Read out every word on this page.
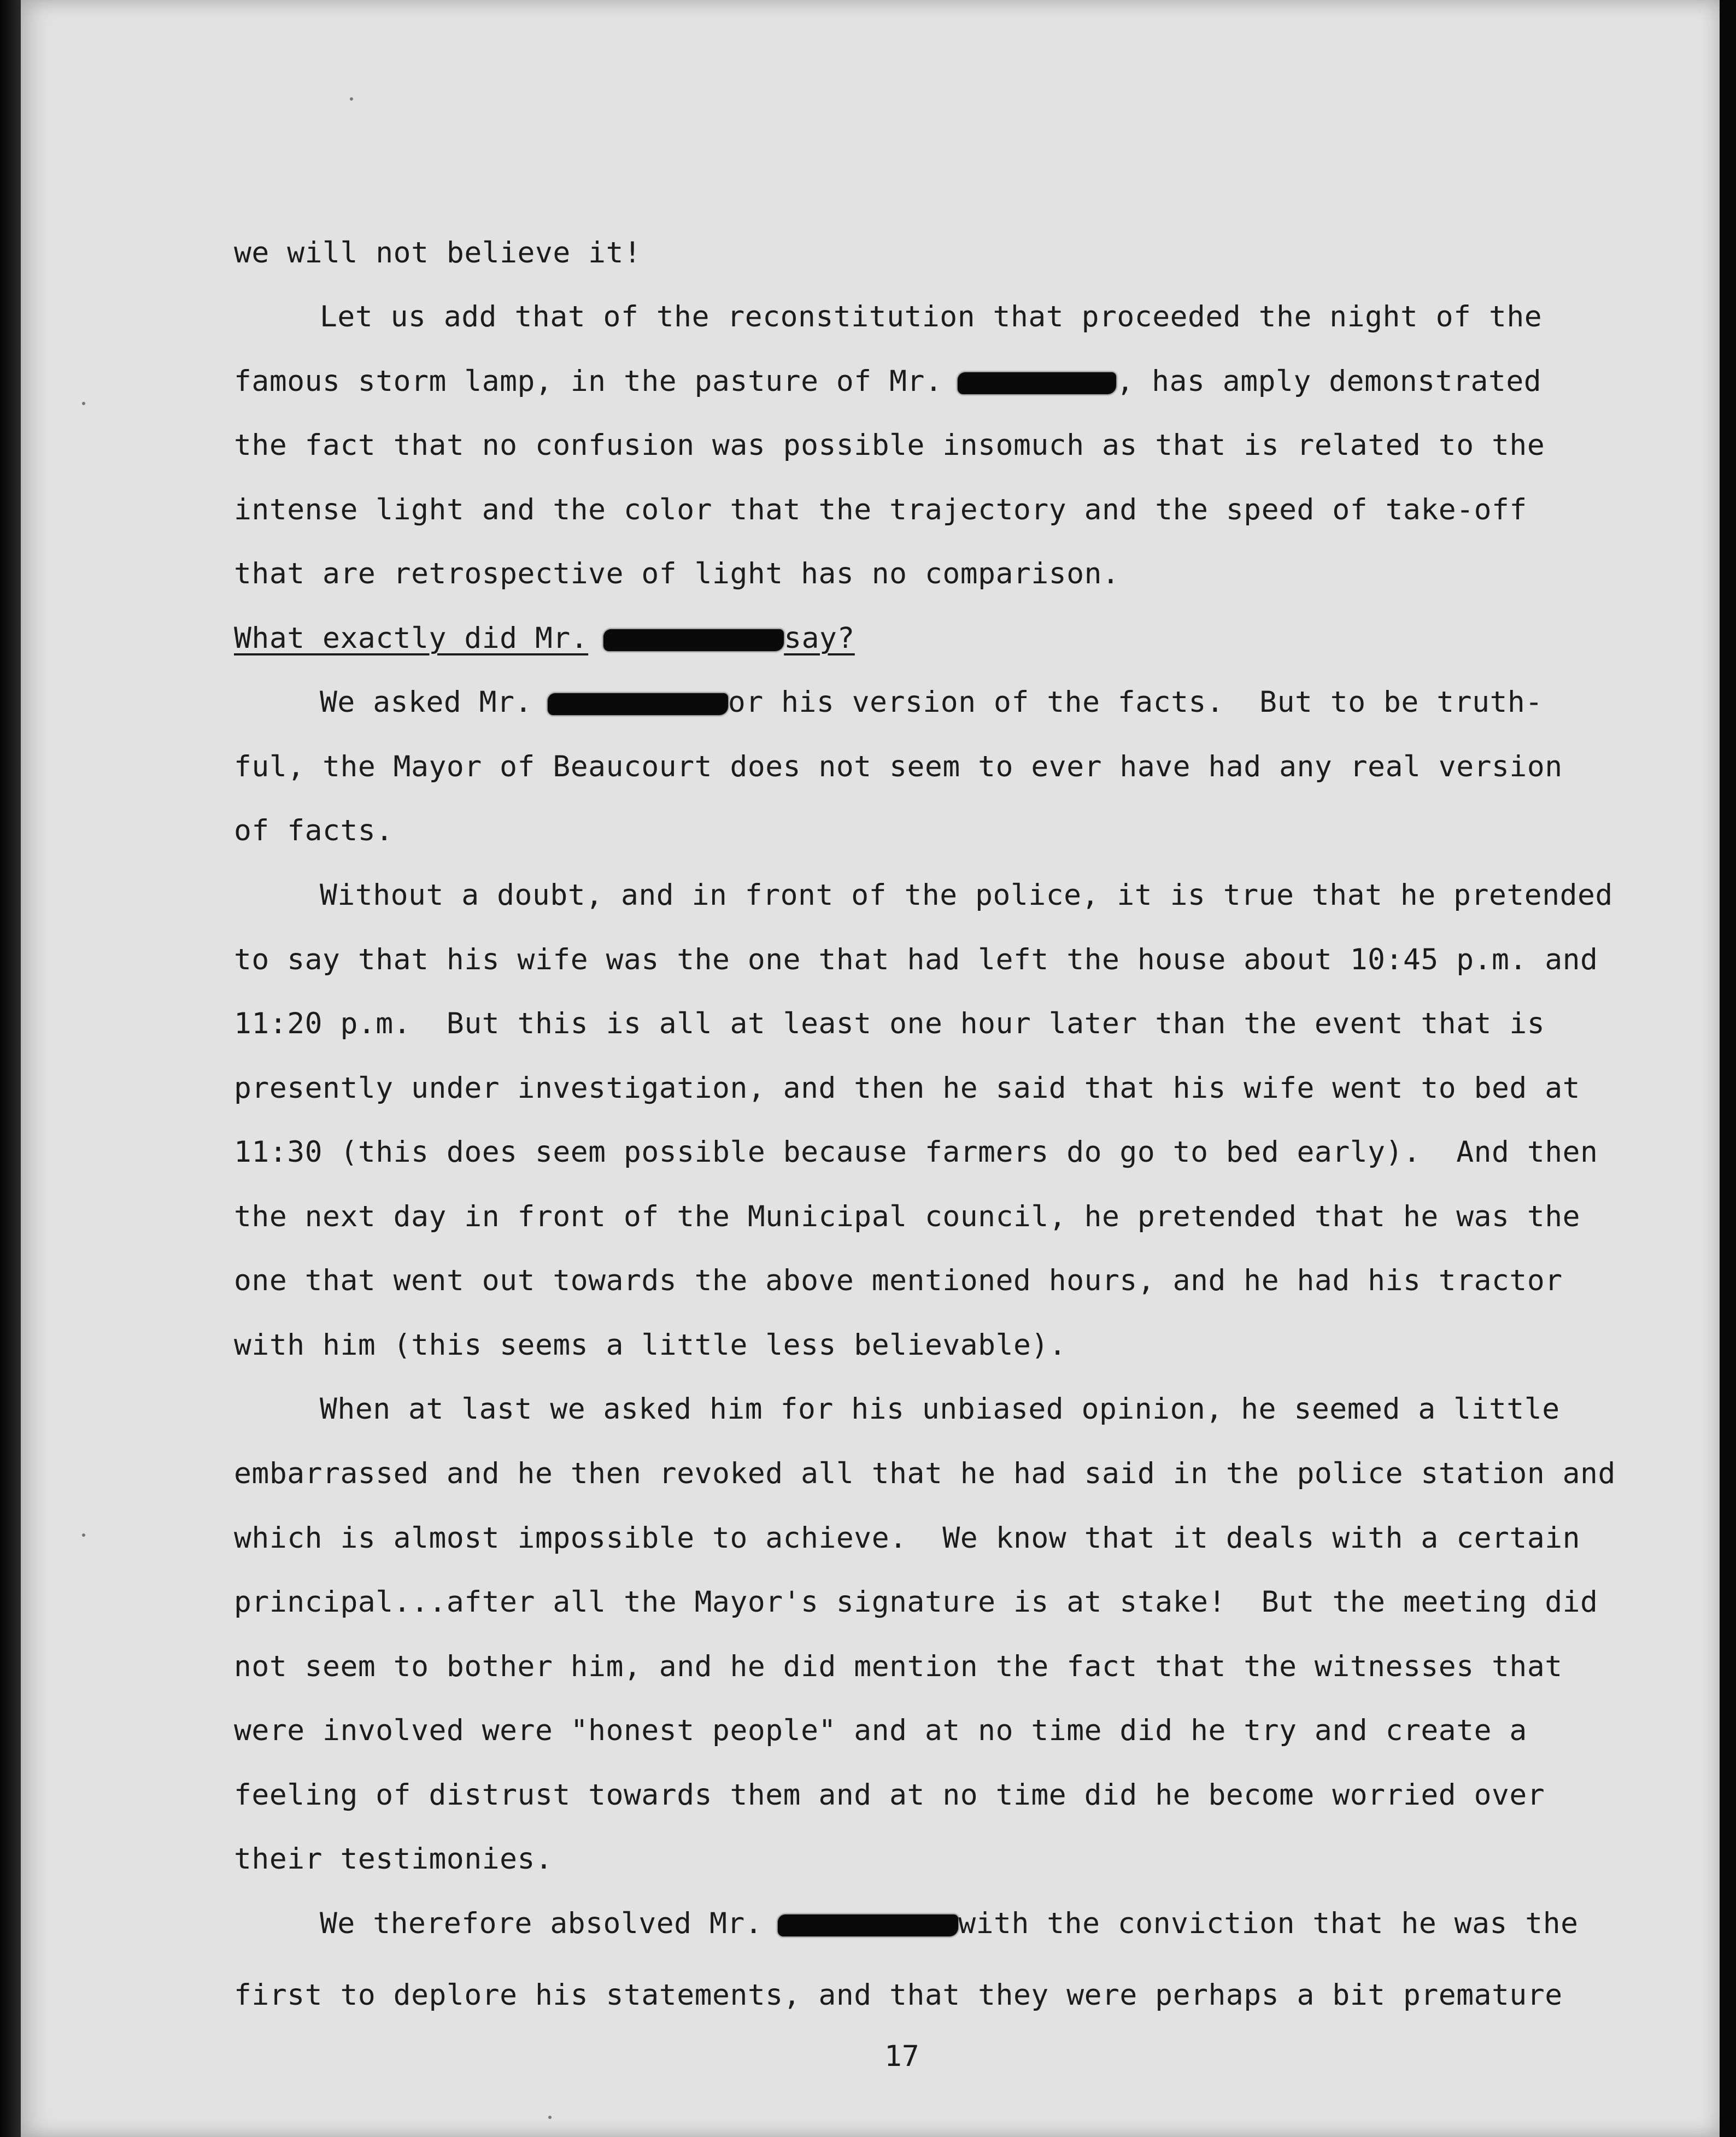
we will not believe it!
Let us add that of the reconstitution that proceeded the night of the
famous storm lamp, in the pasture of Mr.	, has amply demonstrated
the fact that no confusion was possible insomuch as that is related to the
intense light and the color that the trajectory and the speed of take-off
that are retrospective of light has no comparison.
What exactly did Mr.	say?
We asked Mr.	or his version of the facts.  But to be truth-
ful, the Mayor of Beaucourt does not seem to ever have had any real version
of facts.
Without a doubt, and in front of the police, it is true that he pretended
to say that his wife was the one that had left the house about 10:45 p.m. and
11:20 p.m.  But this is all at least one hour later than the event that is
presently under investigation, and then he said that his wife went to bed at
11:30 (this does seem possible because farmers do go to bed early).  And then
the next day in front of the Municipal council, he pretended that he was the
one that went out towards the above mentioned hours, and he had his tractor
with him (this seems a little less believable).
When at last we asked him for his unbiased opinion, he seemed a little
embarrassed and he then revoked all that he had said in the police station and
which is almost impossible to achieve.  We know that it deals with a certain
principal...after all the Mayor's signature is at stake!  But the meeting did
not seem to bother him, and he did mention the fact that the witnesses that
were involved were "honest people" and at no time did he try and create a
feeling of distrust towards them and at no time did he become worried over
their testimonies.
We therefore absolved Mr.	with the conviction that he was the
first to deplore his statements, and that they were perhaps a bit premature
17
